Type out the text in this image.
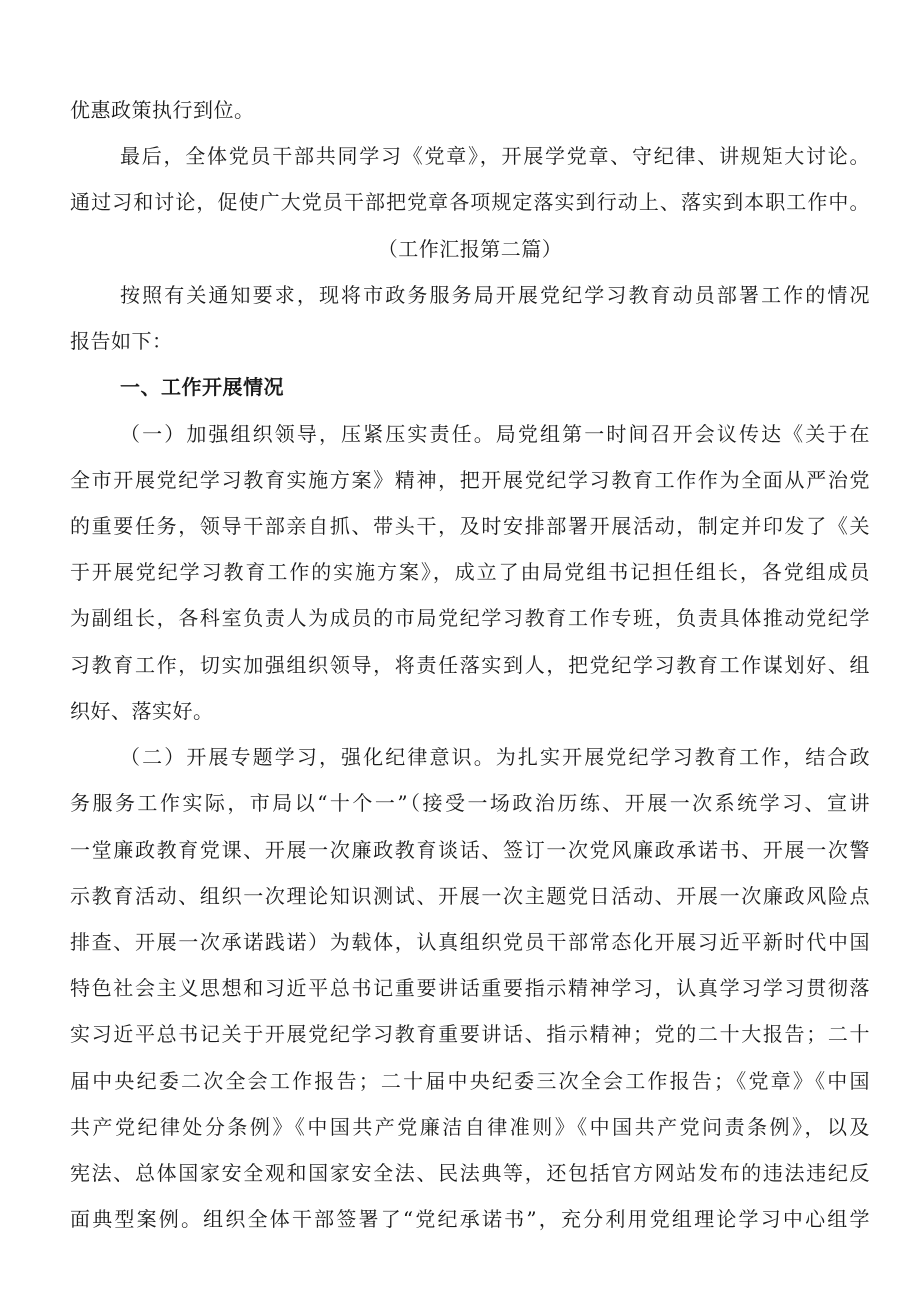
优惠政策执行到位。
最后，全体党员干部共同学习《党章》，开展学党章、守纪律、讲规矩大讨论。
通过习和讨论，促使广大党员干部把党章各项规定落实到行动上、落实到本职工作中。
（工作汇报第二篇）
按照有关通知要求，现将市政务服务局开展党纪学习教育动员部署工作的情况
报告如下：
一、工作开展情况
（一）加强组织领导，压紧压实责任。局党组第一时间召开会议传达《关于在
全市开展党纪学习教育实施方案》精神，把开展党纪学习教育工作作为全面从严治党
的重要任务，领导干部亲自抓、带头干，及时安排部署开展活动，制定并印发了《关
于开展党纪学习教育工作的实施方案》，成立了由局党组书记担任组长，各党组成员
为副组长，各科室负责人为成员的市局党纪学习教育工作专班，负责具体推动党纪学
习教育工作，切实加强组织领导，将责任落实到人，把党纪学习教育工作谋划好、组
织好、落实好。
（二）开展专题学习，强化纪律意识。为扎实开展党纪学习教育工作，结合政
务服务工作实际，市局以“十个一”（接受一场政治历练、开展一次系统学习、宣讲
一堂廉政教育党课、开展一次廉政教育谈话、签订一次党风廉政承诺书、开展一次警
示教育活动、组织一次理论知识测试、开展一次主题党日活动、开展一次廉政风险点
排查、开展一次承诺践诺）为载体，认真组织党员干部常态化开展习近平新时代中国
特色社会主义思想和习近平总书记重要讲话重要指示精神学习，认真学习学习贯彻落
实习近平总书记关于开展党纪学习教育重要讲话、指示精神；党的二十大报告；二十
届中央纪委二次全会工作报告；二十届中央纪委三次全会工作报告；《党章》《中国
共产党纪律处分条例》《中国共产党廉洁自律准则》《中国共产党问责条例》，以及
宪法、总体国家安全观和国家安全法、民法典等，还包括官方网站发布的违法违纪反
面典型案例。组织全体干部签署了“党纪承诺书”，充分利用党组理论学习中心组学
